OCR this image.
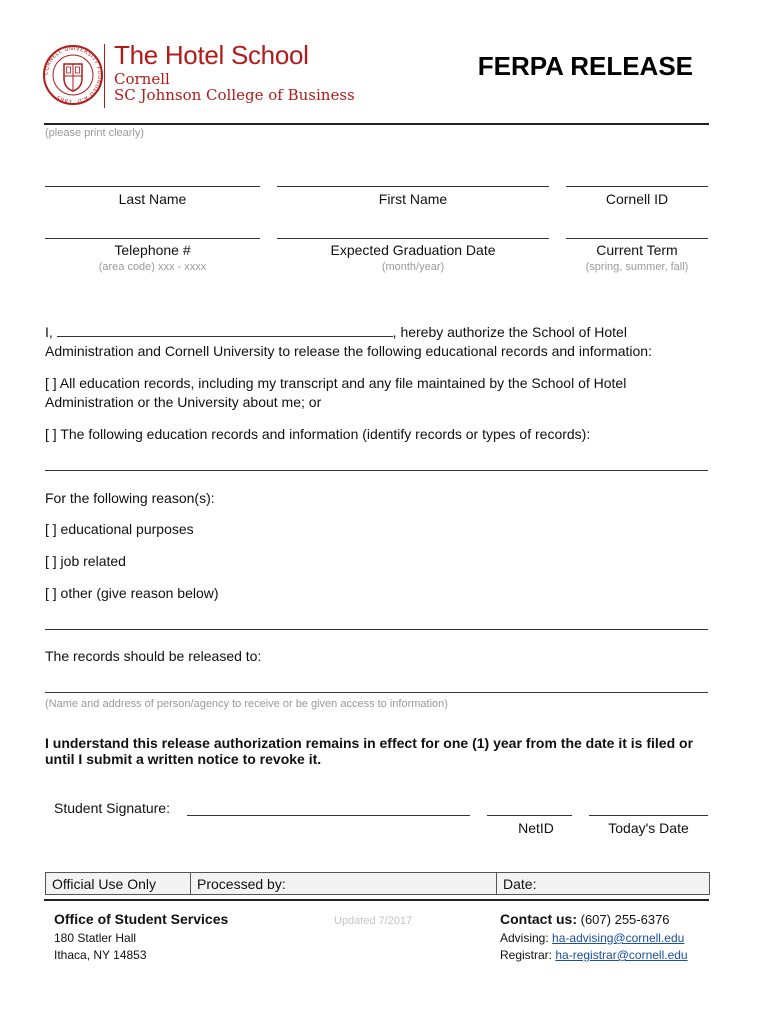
CORNELL UNIVERSITY FOUNDED A.D. 1865
The Hotel School
Cornell
SC Johnson College of Business
FERPA RELEASE
(please print clearly)
Last Name	First Name	Cornell ID
Telephone #	Expected Graduation Date	Current Term
(area code) xxx - xxxx	(month/year)	(spring, summer, fall)
I,	, hereby authorize the School of Hotel
Administration and Cornell University to release the following educational records and information:
[ ] All education records, including my transcript and any file maintained by the School of Hotel
Administration or the University about me; or
[ ] The following education records and information (identify records or types of records):
For the following reason(s):
[ ] educational purposes
[ ] job related
[ ] other (give reason below)
The records should be released to:
(Name and address of person/agency to receive or be given access to information)
I understand this release authorization remains in effect for one (1) year from the date it is filed or
until I submit a written notice to revoke it.
Student Signature:
NetID	Today's Date
Official Use Only	Processed by:	Date:
Office of Student Services
180 Statler Hall
Ithaca, NY 14853
Updated 7/2017	Contact us: (607) 255-6376
Advising: ha-advising@cornell.edu
Registrar: ha-registrar@cornell.edu
